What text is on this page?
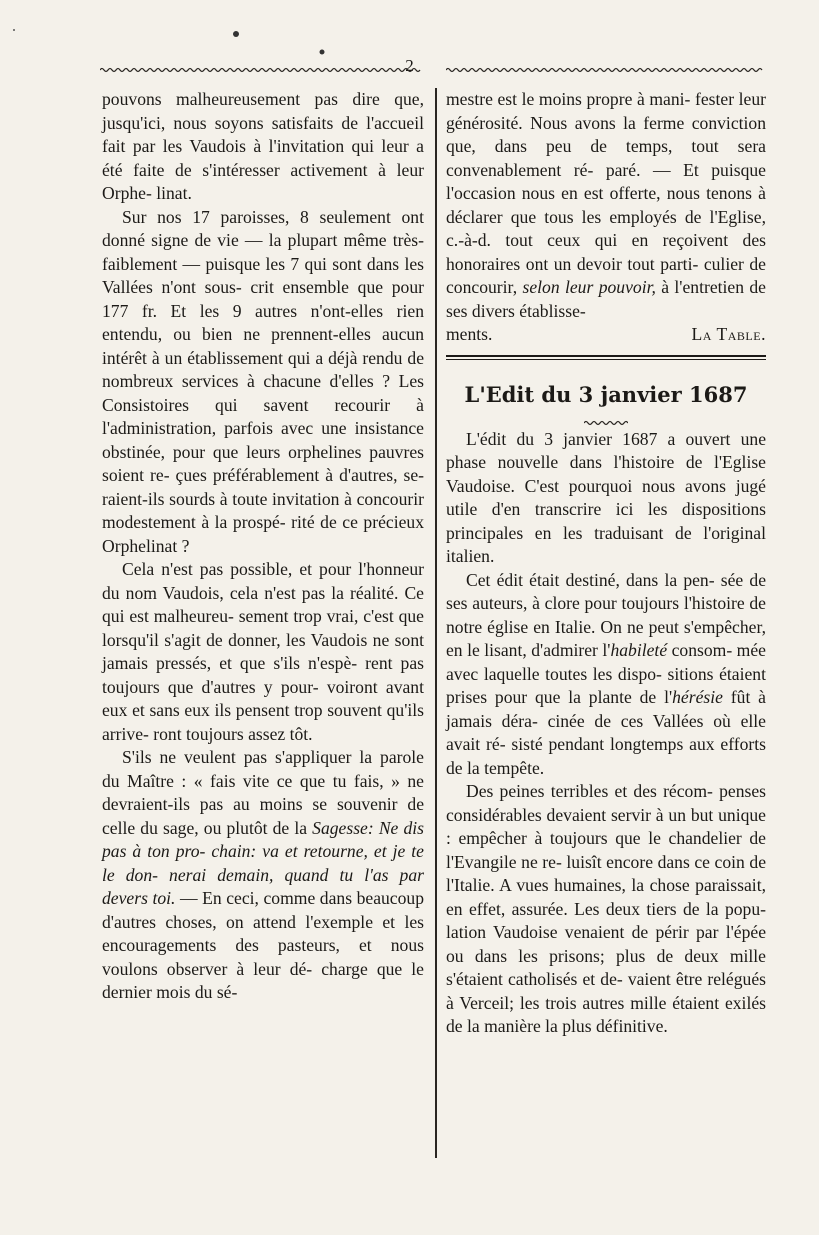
2

pouvons malheureusement pas dire que, jusqu'ici, nous soyons satisfaits de l'accueil fait par les Vaudois à l'invitation qui leur a été faite de s'intéresser activement à leur Orphe- linat.

Sur nos 17 paroisses, 8 seulement ont donné signe de vie — la plupart même très-faiblement — puisque les 7 qui sont dans les Vallées n'ont sous- crit ensemble que pour 177 fr. Et les 9 autres n'ont-elles rien entendu, ou bien ne prennent-elles aucun intérêt à un établissement qui a déjà rendu de nombreux services à chacune d'elles ? Les Consistoires qui savent recourir à l'administration, parfois avec une insistance obstinée, pour que leurs orphelines pauvres soient re- çues préférablement à d'autres, se- raient-ils sourds à toute invitation à concourir modestement à la prospé- rité de ce précieux Orphelinat ?

Cela n'est pas possible, et pour l'honneur du nom Vaudois, cela n'est pas la réalité. Ce qui est malheureu- sement trop vrai, c'est que lorsqu'il s'agit de donner, les Vaudois ne sont jamais pressés, et que s'ils n'espè- rent pas toujours que d'autres y pour- voiront avant eux et sans eux ils pensent trop souvent qu'ils arrive- ront toujours assez tôt.

S'ils ne veulent pas s'appliquer la parole du Maître : « fais vite ce que tu fais, » ne devraient-ils pas au moins se souvenir de celle du sage, ou plutôt de la Sagesse: Ne dis pas à ton pro- chain: va et retourne, et je te le don- nerai demain, quand tu l'as par devers toi. — En ceci, comme dans beaucoup d'autres choses, on attend l'exemple et les encouragements des pasteurs, et nous voulons observer à leur dé- charge que le dernier mois du sé-

mestre est le moins propre à mani- fester leur générosité. Nous avons la ferme conviction que, dans peu de temps, tout sera convenablement ré- paré. — Et puisque l'occasion nous en est offerte, nous tenons à déclarer que tous les employés de l'Eglise, c.-à-d. tout ceux qui en reçoivent des honoraires ont un devoir tout parti- culier de concourir, selon leur pouvoir, à l'entretien de ses divers établisse-

ments.	La Table.

L'Edit du 3 janvier 1687

L'édit du 3 janvier 1687 a ouvert une phase nouvelle dans l'histoire de l'Eglise Vaudoise. C'est pourquoi nous avons jugé utile d'en transcrire ici les dispositions principales en les traduisant de l'original italien.

Cet édit était destiné, dans la pen- sée de ses auteurs, à clore pour toujours l'histoire de notre église en Italie. On ne peut s'empêcher, en le lisant, d'admirer l'habileté consom- mée avec laquelle toutes les dispo- sitions étaient prises pour que la plante de l'hérésie fût à jamais déra- cinée de ces Vallées où elle avait ré- sisté pendant longtemps aux efforts de la tempête.

Des peines terribles et des récom- penses considérables devaient servir à un but unique : empêcher à toujours que le chandelier de l'Evangile ne re- luisît encore dans ce coin de l'Italie. A vues humaines, la chose paraissait, en effet, assurée. Les deux tiers de la popu- lation Vaudoise venaient de périr par l'épée ou dans les prisons; plus de deux mille s'étaient catholisés et de- vaient être relégués à Verceil; les trois autres mille étaient exilés de la manière la plus définitive.
